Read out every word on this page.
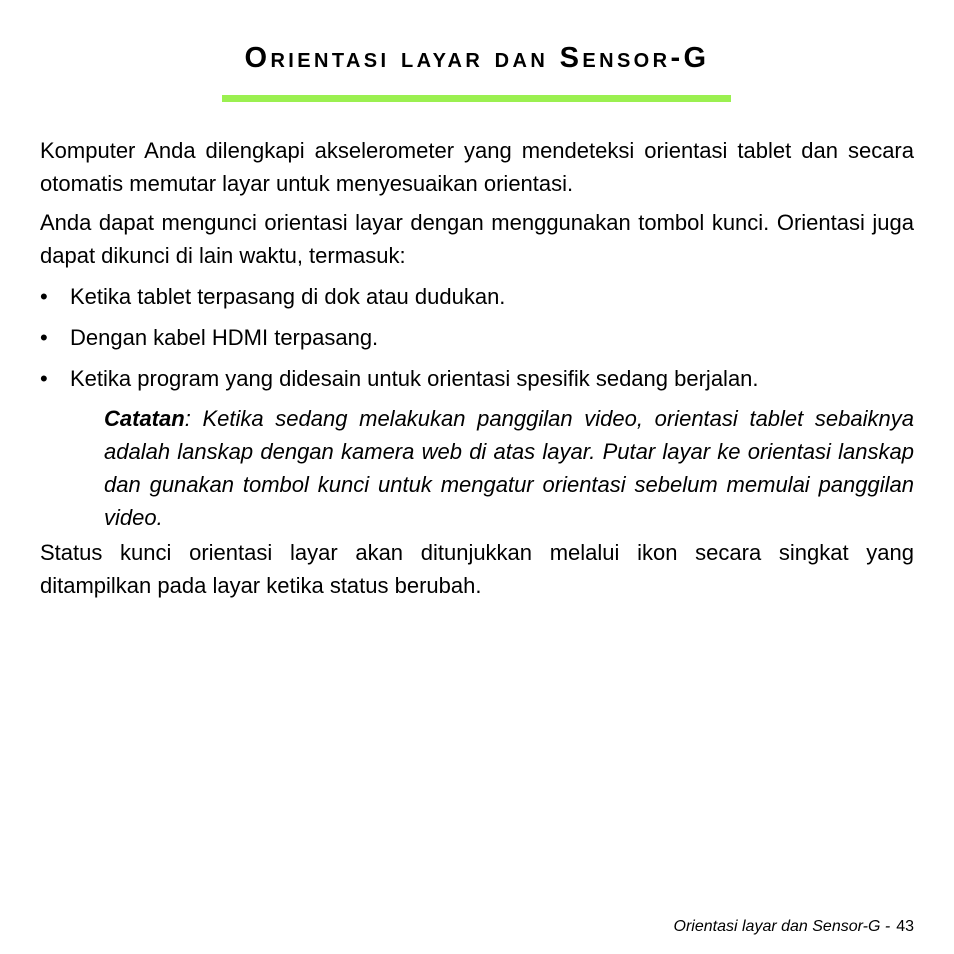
Orientasi layar dan Sensor-G

Komputer Anda dilengkapi akselerometer yang mendeteksi orientasi tablet dan secara otomatis memutar layar untuk menyesuaikan orientasi.

Anda dapat mengunci orientasi layar dengan menggunakan tombol kunci. Orientasi juga dapat dikunci di lain waktu, termasuk:

• Ketika tablet terpasang di dok atau dudukan.
• Dengan kabel HDMI terpasang.
• Ketika program yang didesain untuk orientasi spesifik sedang berjalan.

Catatan: Ketika sedang melakukan panggilan video, orientasi tablet sebaiknya adalah lanskap dengan kamera web di atas layar. Putar layar ke orientasi lanskap dan gunakan tombol kunci untuk mengatur orientasi sebelum memulai panggilan video.

Status kunci orientasi layar akan ditunjukkan melalui ikon secara singkat yang ditampilkan pada layar ketika status berubah.

Orientasi layar dan Sensor-G - 43
